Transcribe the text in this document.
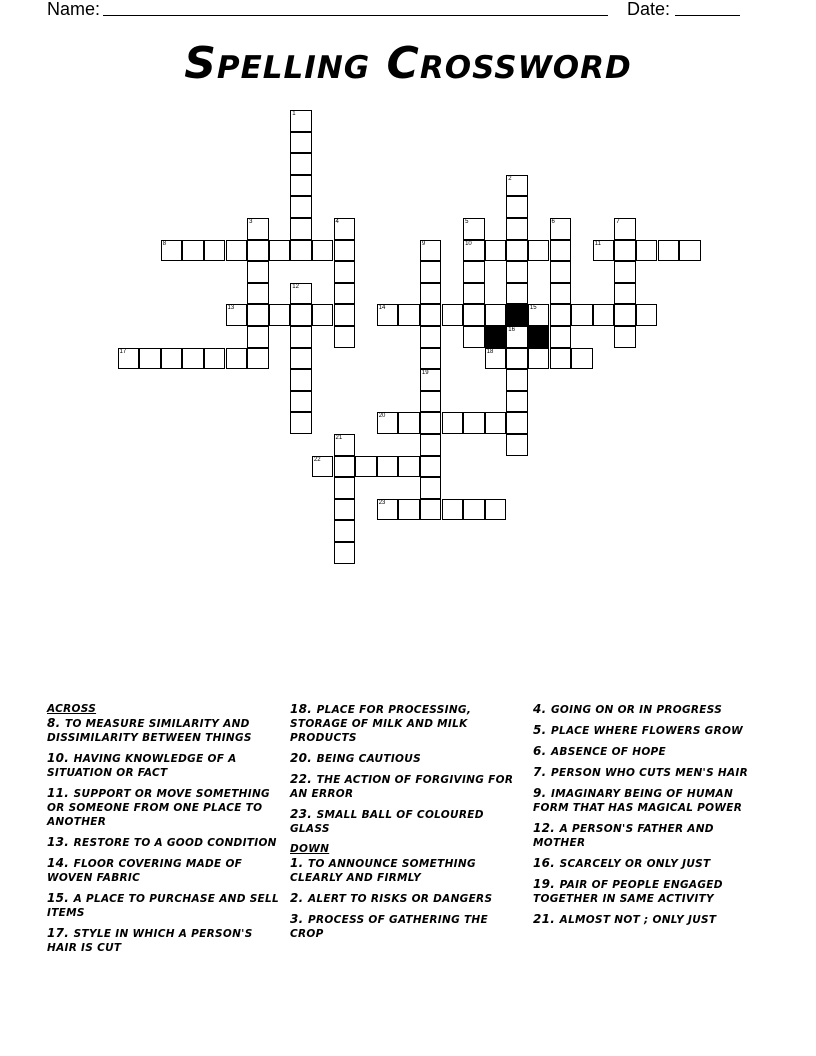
Name:	Date:
Spelling Crossword
1
2
16
3	4	5
10
6	7
8	9	11
12
13	14	15
17	18
19
20
21
22
23
ACROSS
8. TO MEASURE SIMILARITY AND DISSIMILARITY BETWEEN THINGS
10. HAVING KNOWLEDGE OF A SITUATION OR FACT
11. SUPPORT OR MOVE SOMETHING OR SOMEONE FROM ONE PLACE TO ANOTHER
13. RESTORE TO A GOOD CONDITION
14. FLOOR COVERING MADE OF WOVEN FABRIC
15. A PLACE TO PURCHASE AND SELL ITEMS
17. STYLE IN WHICH A PERSON'S HAIR IS CUT
18. PLACE FOR PROCESSING, STORAGE OF MILK AND MILK PRODUCTS
20. BEING CAUTIOUS
22. THE ACTION OF FORGIVING FOR AN ERROR
23. SMALL BALL OF COLOURED GLASS
DOWN
1. TO ANNOUNCE SOMETHING CLEARLY AND FIRMLY
2. ALERT TO RISKS OR DANGERS
3. PROCESS OF GATHERING THE CROP
4. GOING ON OR IN PROGRESS
5. PLACE WHERE FLOWERS GROW
6. ABSENCE OF HOPE
7. PERSON WHO CUTS MEN'S HAIR
9. IMAGINARY BEING OF HUMAN FORM THAT HAS MAGICAL POWER
12. A PERSON'S FATHER AND MOTHER
16. SCARCELY OR ONLY JUST
19. PAIR OF PEOPLE ENGAGED TOGETHER IN SAME ACTIVITY
21. ALMOST NOT ; ONLY JUST
